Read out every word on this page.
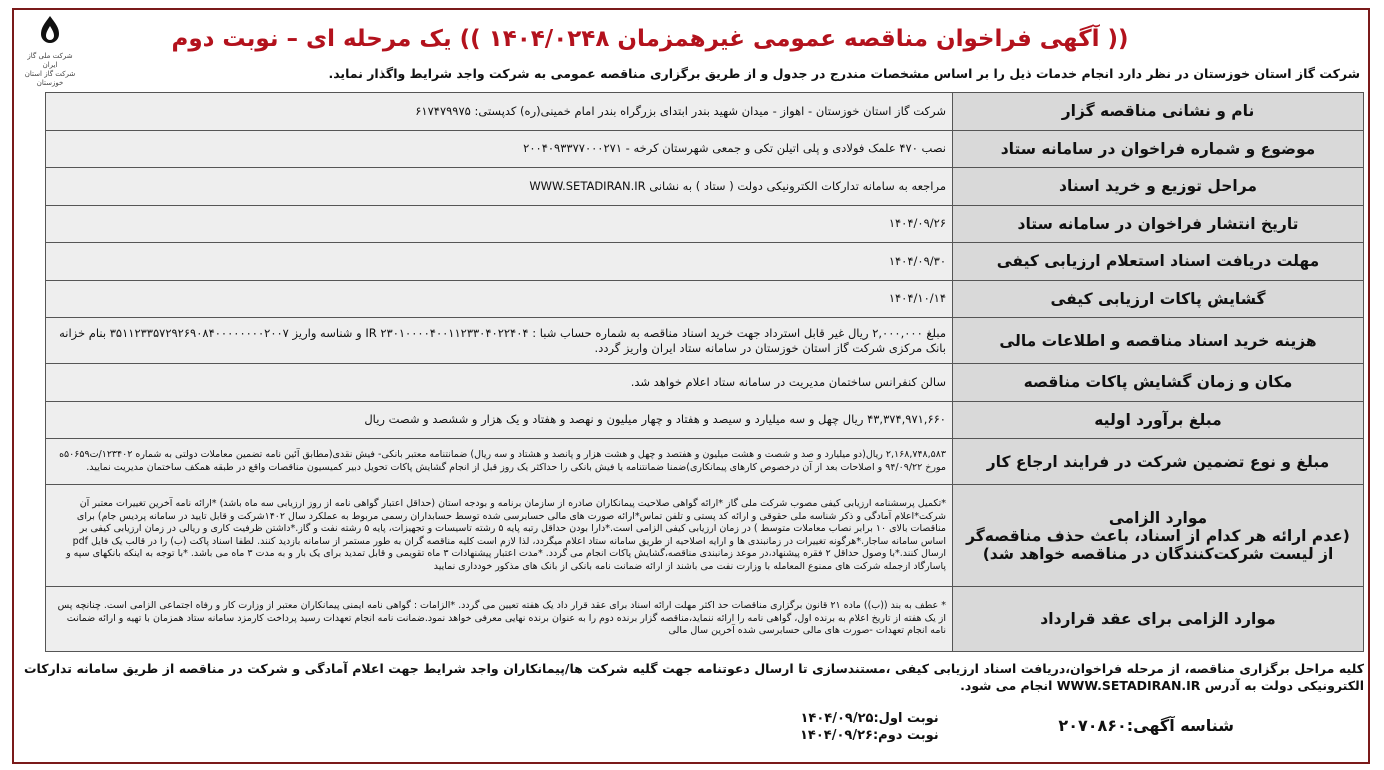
شرکت ملی گاز ایران
شرکت گاز استان خوزستان
(( آگهی فراخوان مناقصه عمومی غیرهمزمان ۱۴۰۴/۰۲۴۸ )) یک مرحله ای – نوبت دوم
شرکت گاز استان خوزستان در نظر دارد انجام خدمات ذیل را بر اساس مشخصات مندرج در جدول و از طریق برگزاری مناقصه عمومی به شرکت واجد شرایط واگذار نماید.
نام و نشانی مناقصه گزار	شرکت گاز استان خوزستان - اهواز - میدان شهید بندر ابتدای بزرگراه بندر امام خمینی(ره) کدپستی: ۶۱۷۴۷۹۹۷۵
موضوع و شماره فراخوان در سامانه ستاد	نصب ۴۷۰ علمک فولادی و پلی اتیلن تکی و جمعی شهرستان کرخه - ۲۰۰۴۰۹۳۳۷۷۰۰۰۲۷۱
مراحل توزیع و خرید اسناد	مراجعه به سامانه تدارکات الکترونیکی دولت ( ستاد ) به نشانی WWW.SETADIRAN.IR
تاریخ انتشار فراخوان در سامانه ستاد	۱۴۰۴/۰۹/۲۶
مهلت دریافت اسناد استعلام ارزیابی کیفی	۱۴۰۴/۰۹/۳۰
گشایش پاکات ارزیابی کیفی	۱۴۰۴/۱۰/۱۴
هزینه خرید اسناد مناقصه و اطلاعات مالی	مبلغ ۲,۰۰۰,۰۰۰ ریال غیر قابل استرداد جهت خرید اسناد مناقصه به شماره حساب شبا : IR ۲۳۰۱۰۰۰۰۴۰۰۱۱۲۳۳۰۴۰۲۲۴۰۴ و شناسه واریز ۳۵۱۱۲۳۳۵۷۲۹۲۶۹۰۸۴۰۰۰۰۰۰۰۰۲۰۰۷ بنام خزانه بانک مرکزی شرکت گاز استان خوزستان در سامانه ستاد ایران واریز گردد.
مکان و زمان گشایش پاکات مناقصه	سالن کنفرانس ساختمان مدیریت در سامانه ستاد اعلام خواهد شد.
مبلغ برآورد اولیه	۴۳,۳۷۴,۹۷۱,۶۶۰ ریال چهل و سه میلیارد و سیصد و هفتاد و چهار میلیون و نهصد و هفتاد و یک هزار و ششصد و شصت ریال
مبلغ و نوع تضمین شرکت در فرایند ارجاع کار	۲,۱۶۸,۷۴۸,۵۸۳ ریال(دو میلیارد و صد و شصت و هشت میلیون و هفتصد و چهل و هشت هزار و پانصد و هشتاد و سه ریال) ضمانتنامه معتبر بانکی- فیش نقدی(مطابق آئین نامه تضمین معاملات دولتی به شماره ۱۲۳۴۰۲/ت۵۰۶۵۹ه مورخ ۹۴/۰۹/۲۲ و اصلاحات بعد از آن درخصوص کارهای پیمانکاری)ضمنا ضمانتنامه یا فیش بانکی را حداکثر یک روز قبل از انجام گشایش پاکات تحویل دبیر کمیسیون مناقصات واقع در طبقه همکف ساختمان مدیریت نمایید.
موارد الزامی
(عدم ارائه هر کدام از اسناد، باعث حذف مناقصه‌گر از لیست شرکت‌کنندگان در مناقصه خواهد شد)	*تکمیل پرسشنامه ارزیابی کیفی مصوب شرکت ملی گاز *ارائه گواهی صلاحیت پیمانکاران صادره از سازمان برنامه و بودجه استان (حداقل اعتبار گواهی نامه از روز ارزیابی سه ماه باشد) *ارائه نامه آخرین تغییرات معتبر آن شرکت*اعلام آمادگی و ذکر شناسه ملی حقوقی و ارائه کد پستی و تلفن تماس*ارائه صورت های مالی حسابرسی شده توسط حسابداران رسمی مربوط به عملکرد سال ۱۴۰۲شرکت و قابل تایید در سامانه پردیس جام) برای مناقصات بالای ۱۰ برابر نصاب معاملات متوسط ) در زمان ارزیابی کیفی الزامی است.*دارا بودن حداقل رتبه پایه ۵ رشته تاسیسات و تجهیزات، پایه ۵ رشته نفت و گاز.*داشتن ظرفیت کاری و ریالی در زمان ارزیابی کیفی بر اساس سامانه ساجار.*هرگونه تغییرات در زمانبندی ها و ارایه اصلاحیه از طریق سامانه ستاد اعلام میگردد، لذا لازم است کلیه مناقصه گران به طور مستمر از سامانه بازدید کنند. لطفا اسناد پاکت (ب) را در قالب یک فایل pdf ارسال کنند.*با وصول حداقل ۲ فقره پیشنهاد،در موعد زمانبندی مناقصه،گشایش پاکات انجام می گردد. *مدت اعتبار پیشنهادات ۳ ماه تقویمی و قابل تمدید برای یک بار و به مدت ۳ ماه می باشد. *با توجه به اینکه بانکهای سپه و پاسارگاد ازجمله شرکت های ممنوع المعامله با وزارت نفت می باشند از ارائه ضمانت نامه بانکی از بانک های مذکور خودداری نمایید
موارد الزامی برای عقد قرارداد	* عطف به بند ((ب)) ماده ۲۱ قانون برگزاری مناقصات حد اکثر مهلت ارائه اسناد برای عقد قرار داد یک هفته تعیین می گردد. *الزامات : گواهی نامه ایمنی پیمانکاران معتبر از وزارت کار و رفاه اجتماعی الزامی است. چنانچه پس از یک هفته از تاریخ اعلام به برنده اول، گواهی نامه را ارائه ننماید،مناقصه گزار برنده دوم را به عنوان برنده نهایی معرفی خواهد نمود.ضمانت نامه انجام تعهدات رسید پرداخت کارمزد سامانه ستاد همزمان با تهیه و ارائه ضمانت نامه انجام تعهدات -صورت های مالی حسابرسی شده آخرین سال مالی
کلیه مراحل برگزاری مناقصه، از مرحله فراخوان،دریافت اسناد ارزیابی کیفی ،مستندسازی تا ارسال دعوتنامه جهت گلیه شرکت ها/پیمانکاران واجد شرایط جهت اعلام آمادگی و شرکت در مناقصه از طریق سامانه تدارکات الکترونیکی دولت به آدرس WWW.SETADIRAN.IR انجام می شود.
شناسه آگهی:۲۰۷۰۸۶۰
نوبت اول:۱۴۰۴/۰۹/۲۵
نوبت دوم:۱۴۰۴/۰۹/۲۶
